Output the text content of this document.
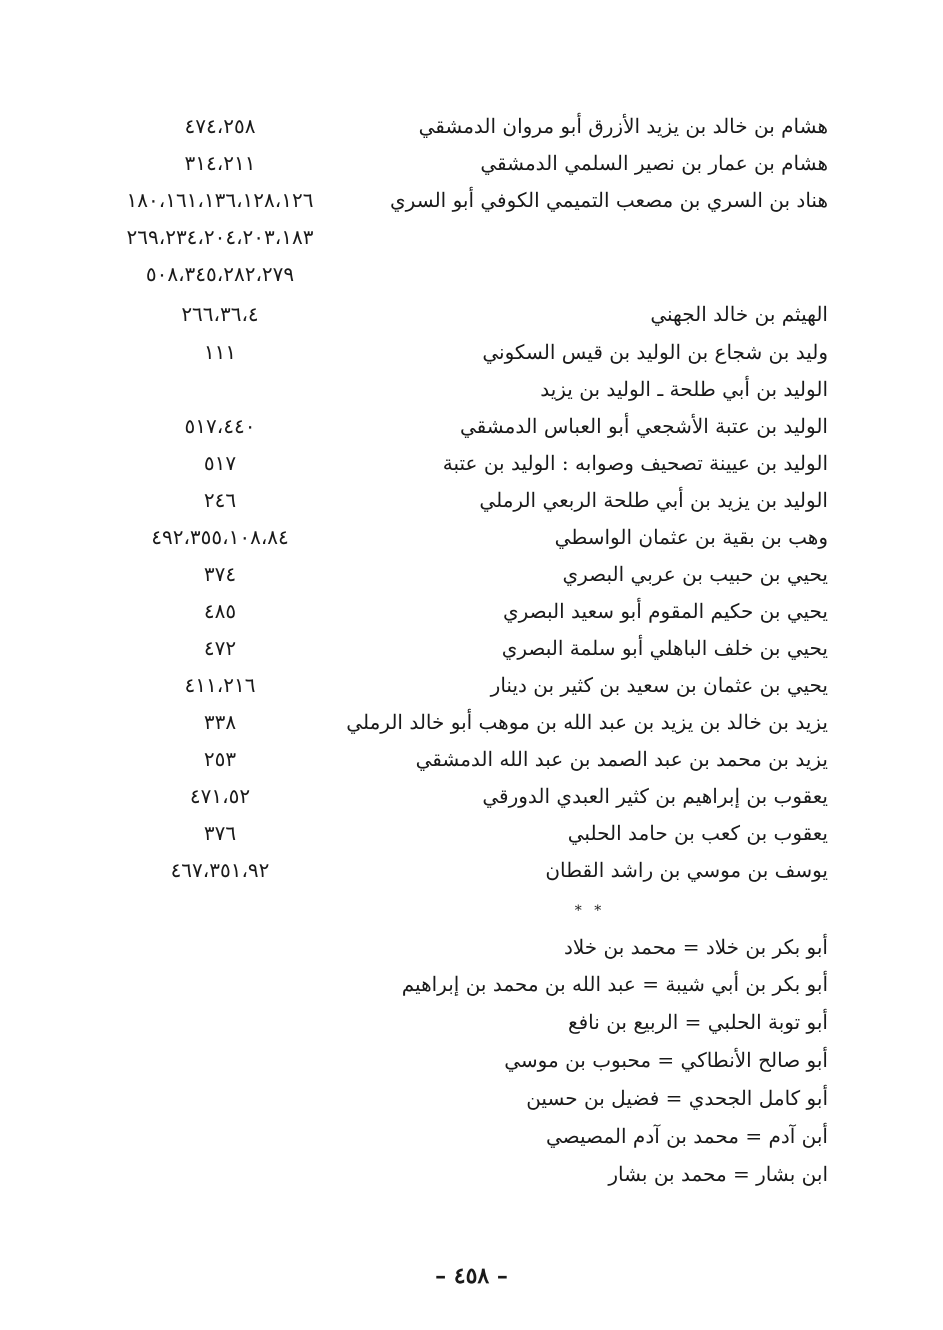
هشام بن خالد بن يزيد الأزرق أبو مروان الدمشقي
٤٧٤،٢٥٨
هشام بن عمار بن نصير السلمي الدمشقي
٣١٤،٢١١
هناد بن السري بن مصعب التميمي الكوفي أبو السري
١٨٠،١٦١،١٣٦،١٢٨،١٢٦
٢٦٩،٢٣٤،٢٠٤،٢٠٣،١٨٣
٥٠٨،٣٤٥،٢٨٢،٢٧٩
الهيثم بن خالد الجهني
٢٦٦،٣٦،٤
وليد بن شجاع بن الوليد بن قيس السكوني
١١١
الوليد بن أبي طلحة ـ الوليد بن يزيد
الوليد بن عتبة الأشجعي أبو العباس الدمشقي
٥١٧،٤٤٠
الوليد بن عيينة تصحيف وصوابه : الوليد بن عتبة
٥١٧
الوليد بن يزيد بن أبي طلحة الربعي الرملي
٢٤٦
وهب بن بقية بن عثمان الواسطي
٤٩٢،٣٥٥،١٠٨،٨٤
يحيي بن حبيب بن عربي البصري
٣٧٤
يحيي بن حكيم المقوم أبو سعيد البصري
٤٨٥
يحيي بن خلف الباهلي أبو سلمة البصري
٤٧٢
يحيي بن عثمان بن سعيد بن كثير بن دينار
٤١١،٢١٦
يزيد بن خالد بن يزيد بن عبد الله بن موهب أبو خالد الرملي
٣٣٨
يزيد بن محمد بن عبد الصمد بن عبد الله الدمشقي
٢٥٣
يعقوب بن إبراهيم بن كثير العبدي الدورقي
٤٧١،٥٢
يعقوب بن كعب بن حامد الحلبي
٣٧٦
يوسف بن موسي بن راشد القطان
٤٦٧،٣٥١،٩٢
* *
أبو بكر بن خلاد = محمد بن خلاد
أبو بكر بن أبي شيبة = عبد الله بن محمد بن إبراهيم
أبو توبة الحلبي = الربيع بن نافع
أبو صالح الأنطاكي = محبوب بن موسي
أبو كامل الجحدي = فضيل بن حسين
أبن آدم = محمد بن آدم المصيصي
ابن بشار = محمد بن بشار
– ٤٥٨ –
